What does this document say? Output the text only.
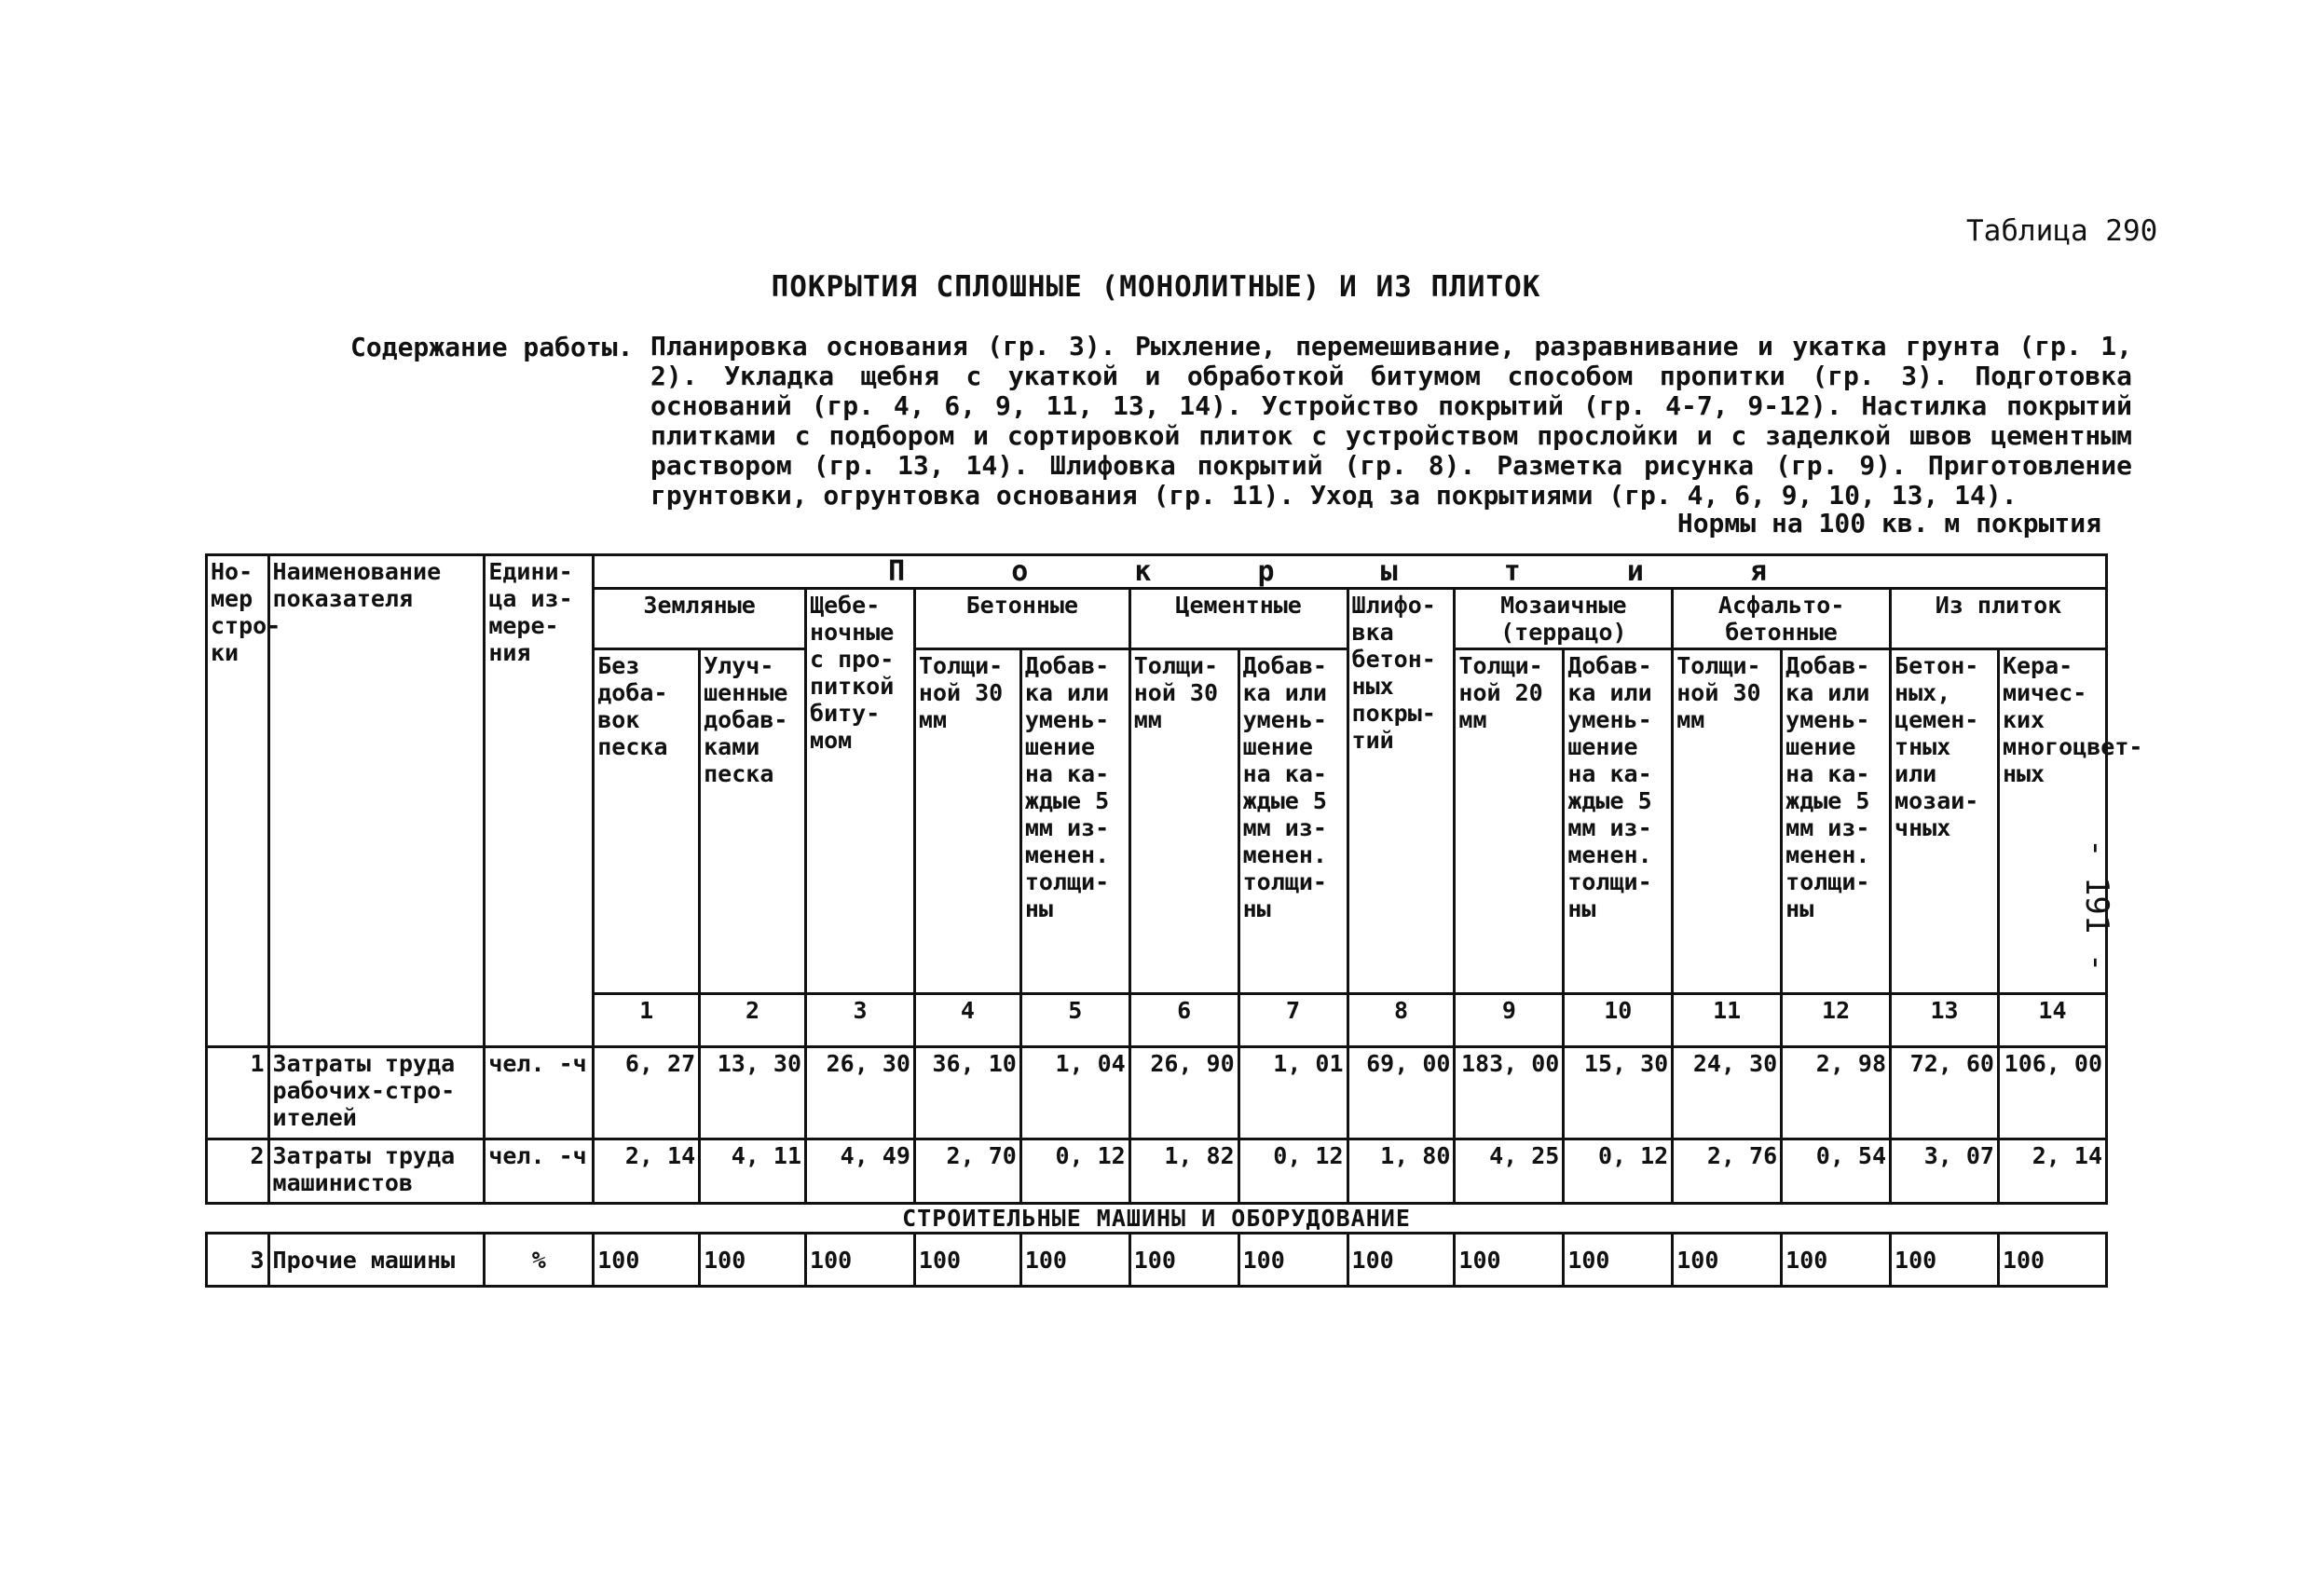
Таблица 290
ПОКРЫТИЯ СПЛОШНЫЕ (МОНОЛИТНЫЕ) И ИЗ ПЛИТОК
Содержание работы. Планировка основания (гр. 3). Рыхление, перемешивание, разравнивание и укатка грунта (гр. 1, 2). Укладка щебня с укаткой и обработкой битумом способом пропитки (гр. 3). Подготовка оснований (гр. 4, 6, 9, 11, 13, 14). Устройство покрытий (гр. 4-7, 9-12). Настилка покрытий плитками с подбором и сортировкой плиток с устройством прослойки и с заделкой швов цементным раствором (гр. 13, 14). Шлифовка покрытий (гр. 8). Разметка рисунка (гр. 9). Приготовление грунтовки, огрунтовка основания (гр. 11). Уход за покрытиями (гр. 4, 6, 9, 10, 13, 14).
Нормы на 100 кв. м покрытия
- 191 -
Но-мер стро-ки	Наименование показателя	Едини-ца из-мере-ния	П о к р ы т и я													
			Земляные		Щебе-ночные с про-питкой биту-мом	Бетонные		Цементные		Шлифо-вка бетон-ных покры-тий	Мозаичные (террацо)		Асфальто-бетонные		Из плиток	
			Без доба-вок песка	Улуч-шенные добав-ками песка		Толщи-ной 30 мм	Добав-ка или умень-шение на ка-ждые 5 мм из-менен. толщи-ны	Толщи-ной 30 мм	Добав-ка или умень-шение на ка-ждые 5 мм из-менен. толщи-ны		Толщи-ной 20 мм	Добав-ка или умень-шение на ка-ждые 5 мм из-менен. толщи-ны	Толщи-ной 30 мм	Добав-ка или умень-шение на ка-ждые 5 мм из-менен. толщи-ны	Бетон-ных, цемен-тных или мозаи-чных	Кера-мичес-ких многоцвет-ных
			1	2	3	4	5	6	7	8	9	10	11	12	13	14
1	Затраты труда рабочих-стро-ителей	чел. -ч	6, 27	13, 30	26, 30	36, 10	1, 04	26, 90	1, 01	69, 00	183, 00	15, 30	24, 30	2, 98	72, 60	106, 00
2	Затраты труда машинистов	чел. -ч	2, 14	4, 11	4, 49	2, 70	0, 12	1, 82	0, 12	1, 80	4, 25	0, 12	2, 76	0, 54	3, 07	2, 14
СТРОИТЕЛЬНЫЕ МАШИНЫ И ОБОРУДОВАНИЕ																
3	Прочие машины	%	100	100	100	100	100	100	100	100	100	100	100	100	100	100
